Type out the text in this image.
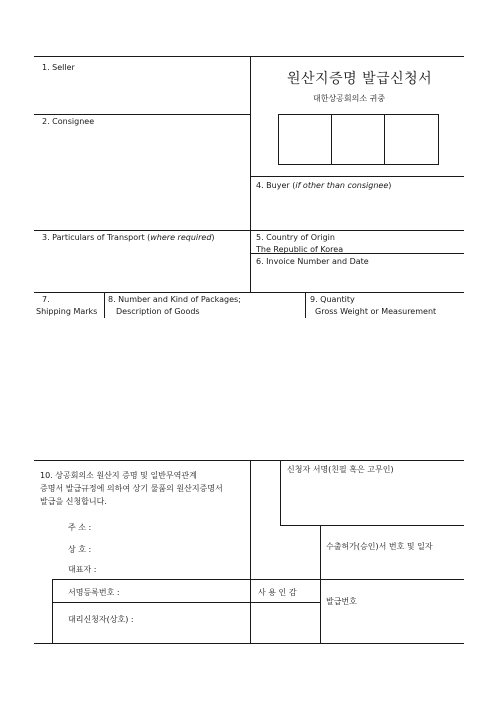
원산지증명 발급신청서
대한상공회의소 귀중
1. Seller
2. Consignee
4. Buyer (if other than consignee)
3. Particulars of Transport (where required)	5. Country of Origin
The Republic of Korea
6. Invoice Number and Date
7.
Shipping Marks
8. Number and Kind of Packages;
Description of Goods
9. Quantity
Gross Weight or Measurement
10. 상공회의소 원산지 증명 및 일반무역관계
증명서 발급규정에 의하여 상기 물품의 원산지증명서
발급을 신청합니다.
주 소 :
상 호 :
대표자 :
신청자 서명(친필 혹은 고무인)
수출허가(승인)서 번호 및 일자
서명등록번호 :	사 용 인 감
발급번호
대리신청자(상호) :
